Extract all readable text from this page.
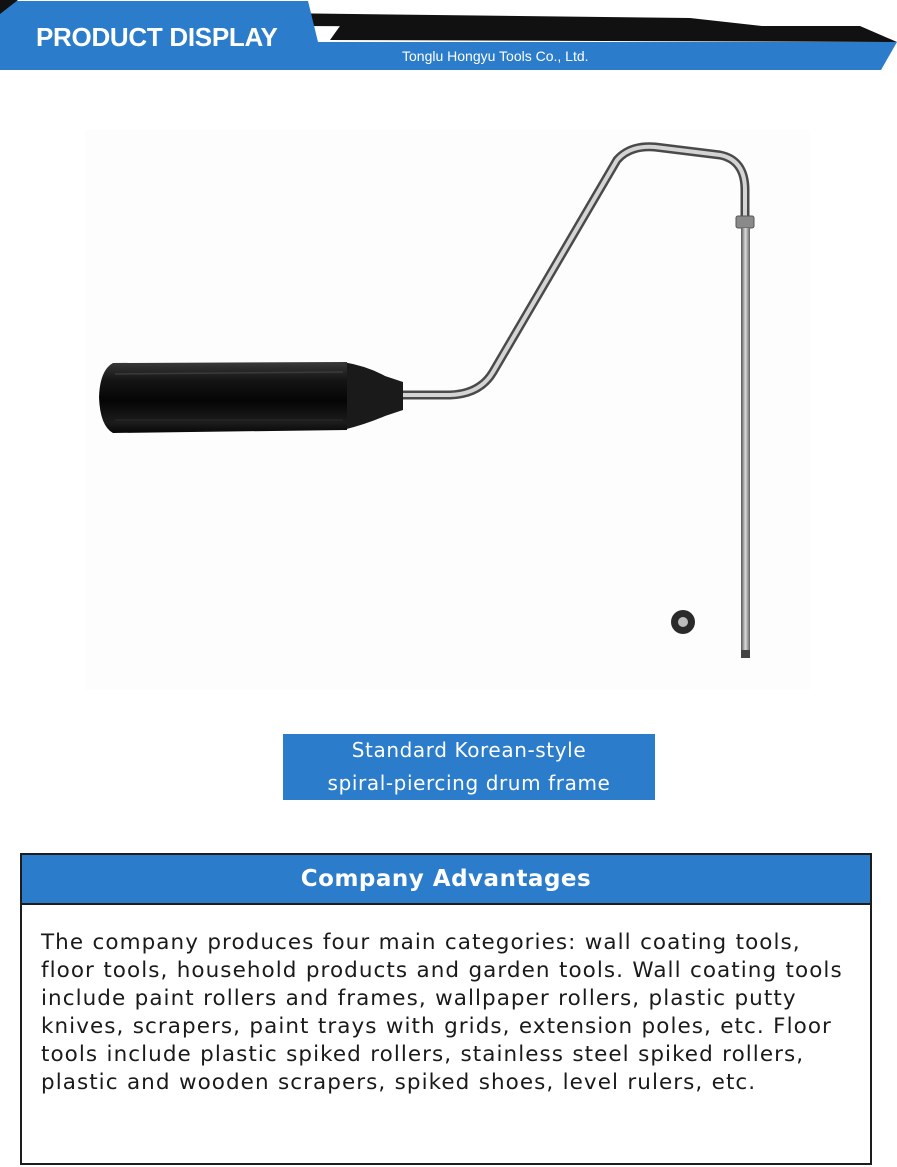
PRODUCT DISPLAY
Tonglu Hongyu Tools Co., Ltd.
Standard Korean-style
spiral-piercing drum frame
Company Advantages
The company produces four main categories: wall coating tools, floor tools, household products and garden tools. Wall coating tools include paint rollers and frames, wallpaper rollers, plastic putty knives, scrapers, paint trays with grids, extension poles, etc. Floor tools include plastic spiked rollers, stainless steel spiked rollers, plastic and wooden scrapers, spiked shoes, level rulers, etc.
